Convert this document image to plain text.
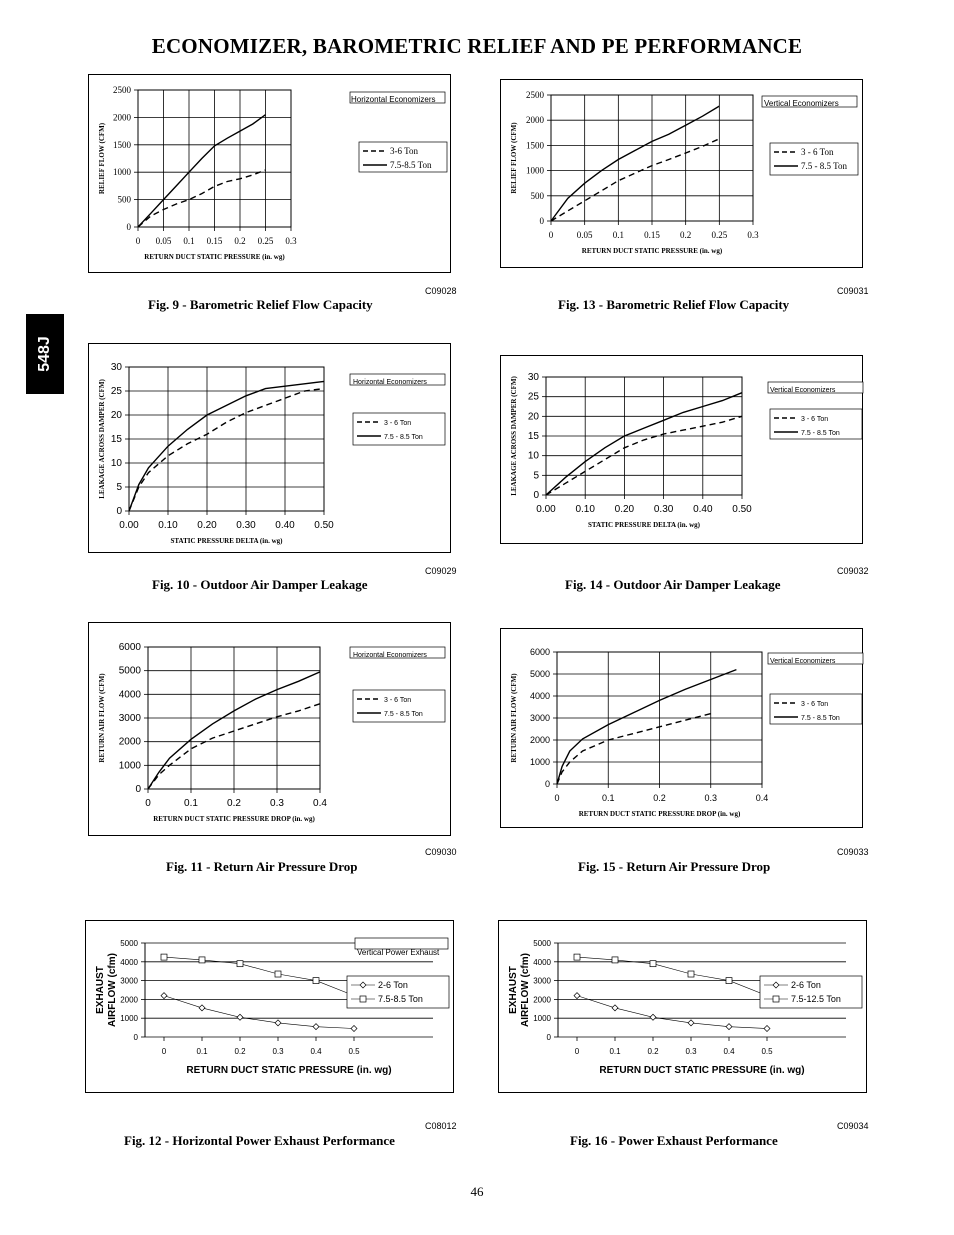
ECONOMIZER, BAROMETRIC RELIEF AND PE PERFORMANCE
548J
0
500
1000
1500
2000
2500
0 0.05 0.1 0.15 0.2 0.25 0.3
RETURN DUCT STATIC PRESSURE (in. wg)
RELIEF FLOW (CFM)
Horizontal Economizers
3-6 Ton
7.5-8.5 Ton
0
500
1000
1500
2000
2500
0	0.05 0.1 0.15 0.2 0.25 0.3
RETURN DUCT STATIC PRESSURE (in. wg)
RELIEF FLOW (CFM)
Vertical Economizers
3 - 6 Ton
7.5 - 8.5 Ton
0
5
10
15
20
25
30
0.00 0.10 0.20 0.30 0.40 0.50
STATIC PRESSURE DELTA (in. wg)
LEAKAGE ACROSS DAMPER (CFM)	Horizontal Economizers
3 - 6 Ton
7.5 - 8.5 Ton
0
5
10
15
20
25
30
0.00 0.10 0.20 0.30 0.40 0.50
STATIC PRESSURE DELTA (in. wg)
LEAKAGE ACROSS DAMPER (CFM)	Vertical Economizers
3 - 6 Ton
7.5 - 8.5 Ton
0
1000
2000
3000
4000
5000
6000
0	0.1	0.2	0.3	0.4
RETURN DUCT STATIC PRESSURE DROP (in. wg)
RETURN AIR FLOW (CFM)
Horizontal Economizers
3 - 6 Ton
7.5 - 8.5 Ton
0
1000
2000
3000
4000
5000
6000
0	0.1	0.2	0.3	0.4
RETURN DUCT STATIC PRESSURE DROP (in. wg)
RETURN AIR FLOW (CFM)
Vertical Economizers
3 - 6 Ton
7.5 - 8.5 Ton
0
1000
2000
3000
4000
5000
0	0.1	0.2	0.3	0.4	0.5
RETURN DUCT STATIC PRESSURE (in. wg)
EXHAUST AIRFLOW (cfm)
Vertical Power Exhaust
2-6 Ton
7.5-8.5 Ton
0
1000
2000
3000
4000
5000
0	0.1	0.2	0.3	0.4	0.5
RETURN DUCT STATIC PRESSURE (in. wg)
EXHAUST AIRFLOW (cfm)	2-6 Ton
7.5-12.5 Ton
C09028	C09031
C09029	C09032
C09030	C09033
C08012	C09034
Fig. 9 - Barometric Relief Flow Capacity	Fig. 13 - Barometric Relief Flow Capacity
Fig. 10 - Outdoor Air Damper Leakage	Fig. 14 - Outdoor Air Damper Leakage
Fig. 11 - Return Air Pressure Drop	Fig. 15 - Return Air Pressure Drop
Fig. 12 - Horizontal Power Exhaust Performance	Fig. 16 - Power Exhaust Performance
46
